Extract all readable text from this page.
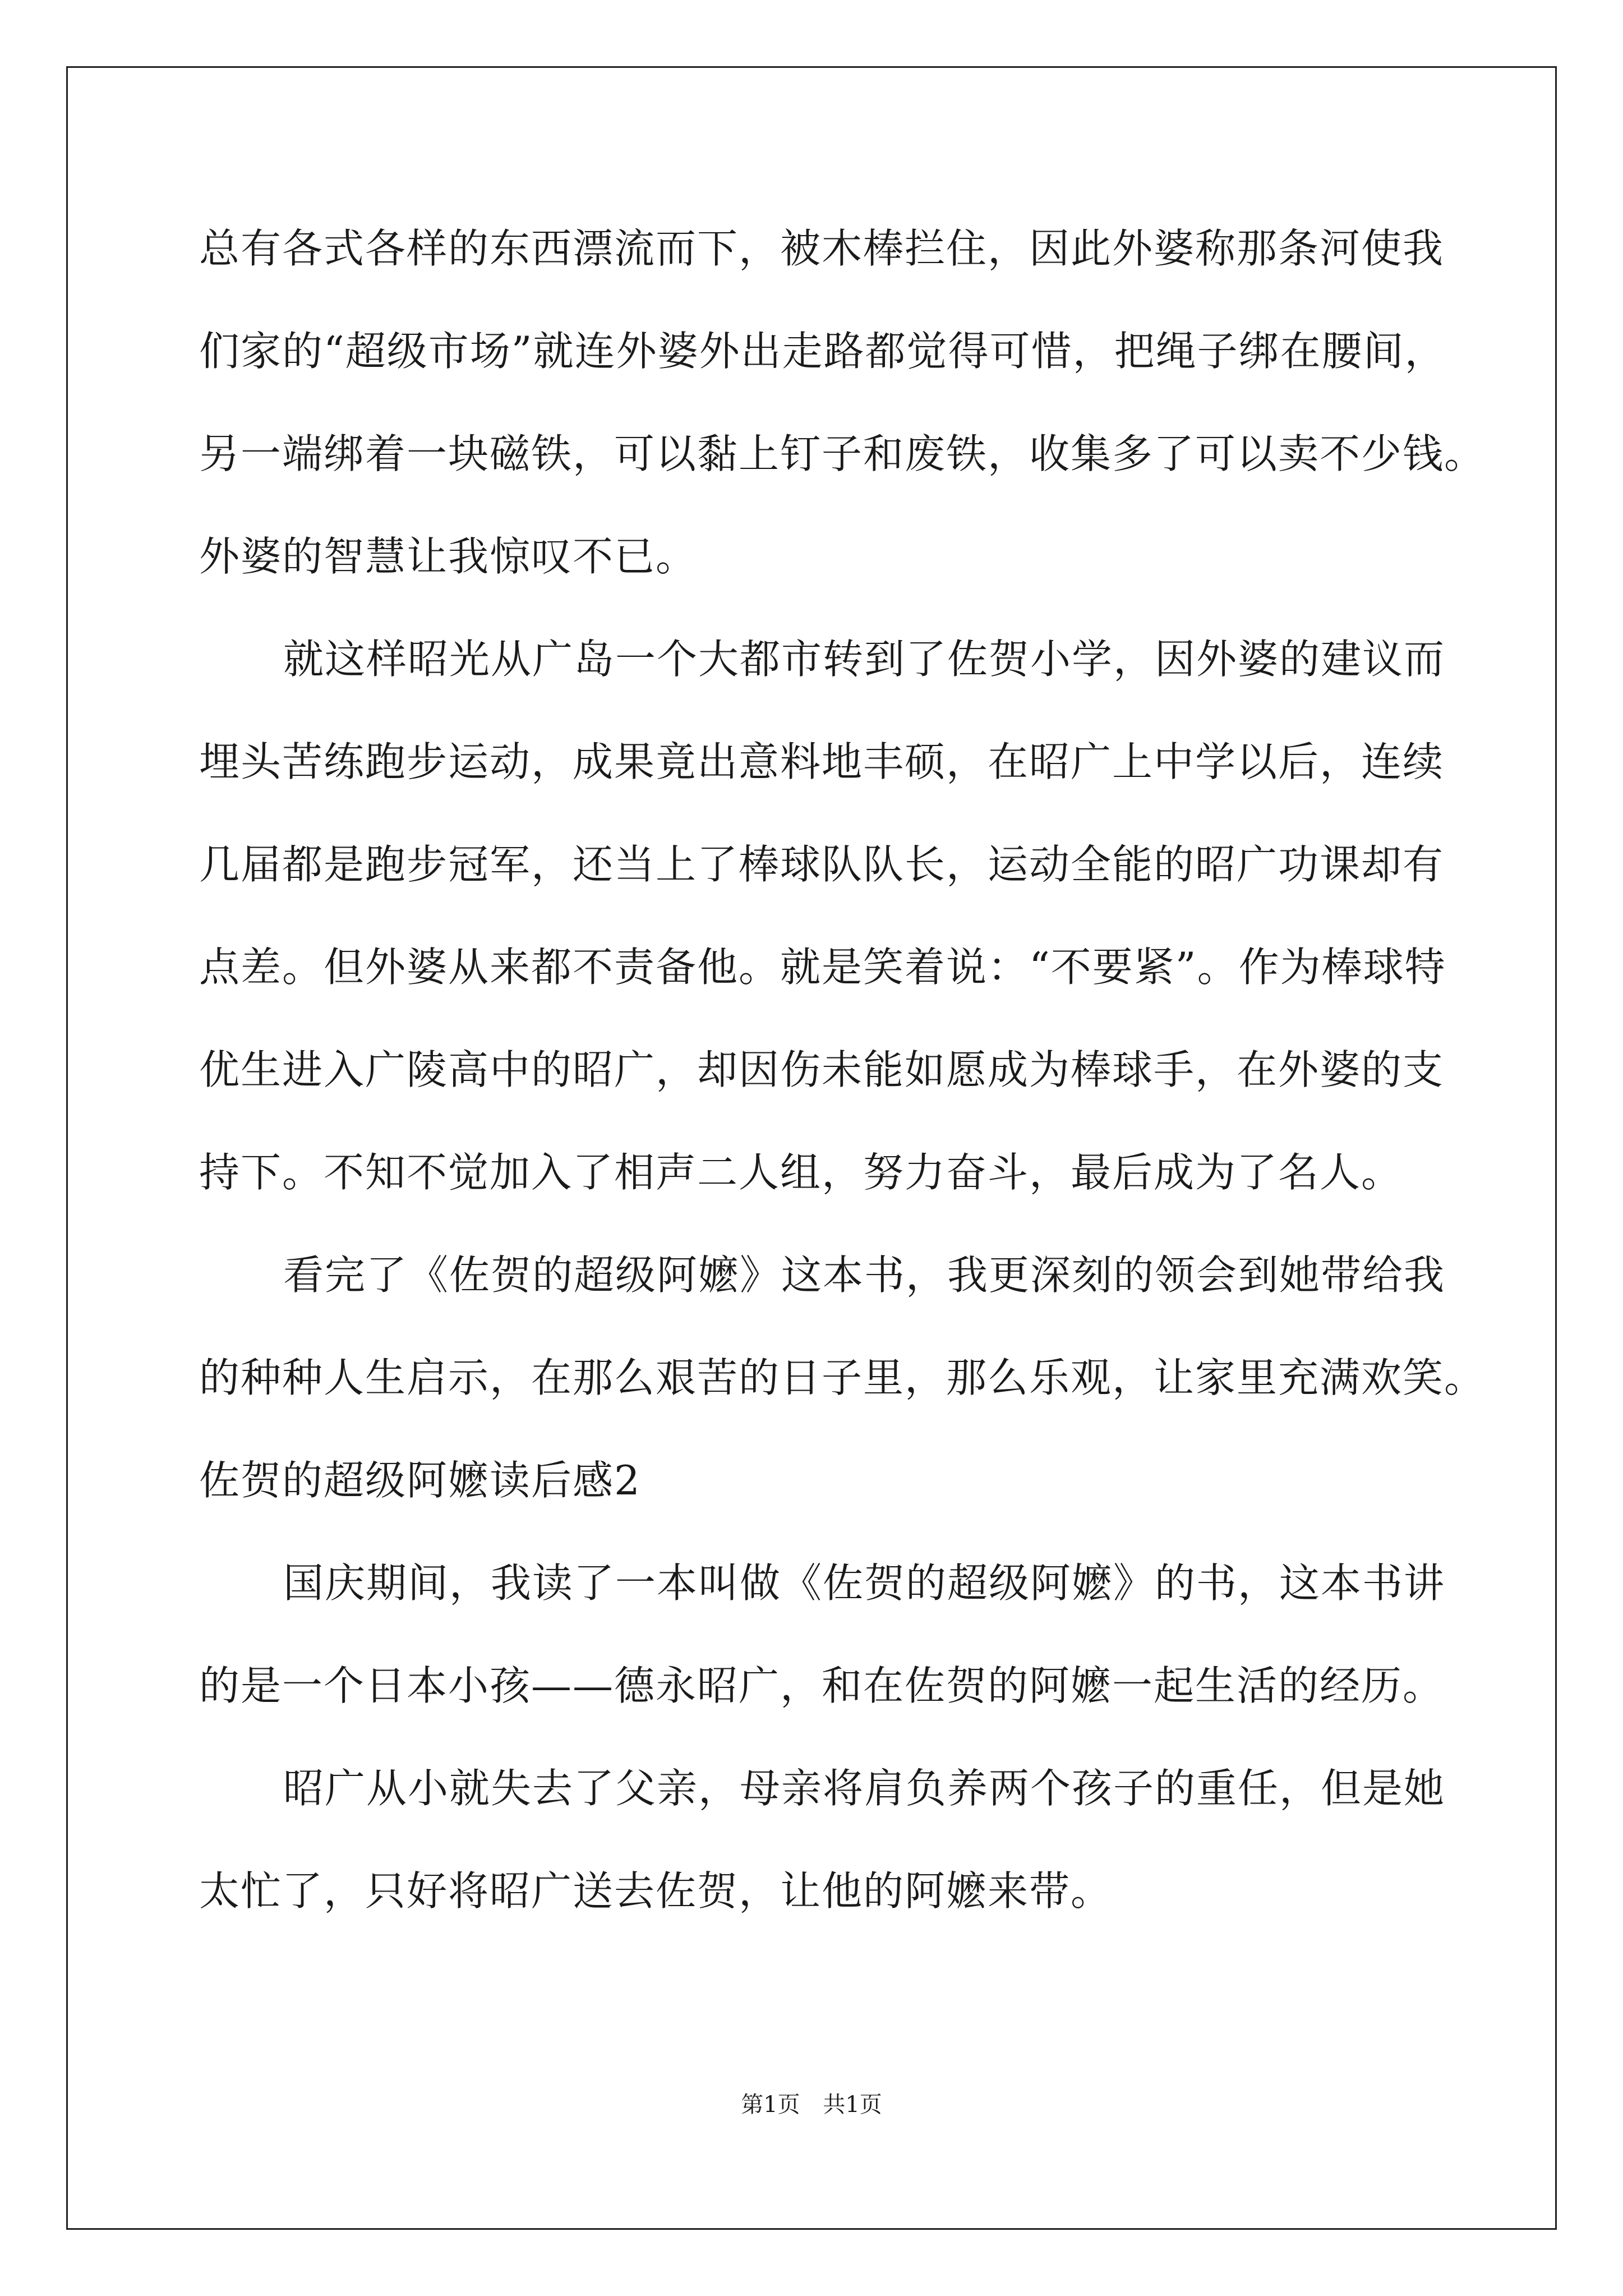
总有各式各样的东西漂流而下，被木棒拦住，因此外婆称那条河使我
们家的“超级市场”就连外婆外出走路都觉得可惜，把绳子绑在腰间，
另一端绑着一块磁铁，可以黏上钉子和废铁，收集多了可以卖不少钱。
外婆的智慧让我惊叹不已。
就这样昭光从广岛一个大都市转到了佐贺小学，因外婆的建议而
埋头苦练跑步运动，成果竟出意料地丰硕，在昭广上中学以后，连续
几届都是跑步冠军，还当上了棒球队队长，运动全能的昭广功课却有
点差。但外婆从来都不责备他。就是笑着说：“不要紧”。作为棒球特
优生进入广陵高中的昭广，却因伤未能如愿成为棒球手，在外婆的支
持下。不知不觉加入了相声二人组，努力奋斗，最后成为了名人。
看完了《佐贺的超级阿嬷》这本书，我更深刻的领会到她带给我
的种种人生启示，在那么艰苦的日子里，那么乐观，让家里充满欢笑。
佐贺的超级阿嬷读后感2
国庆期间，我读了一本叫做《佐贺的超级阿嬷》的书，这本书讲
的是一个日本小孩——德永昭广，和在佐贺的阿嬷一起生活的经历。
昭广从小就失去了父亲，母亲将肩负养两个孩子的重任，但是她
太忙了，只好将昭广送去佐贺，让他的阿嬷来带。
第1页 共1页
